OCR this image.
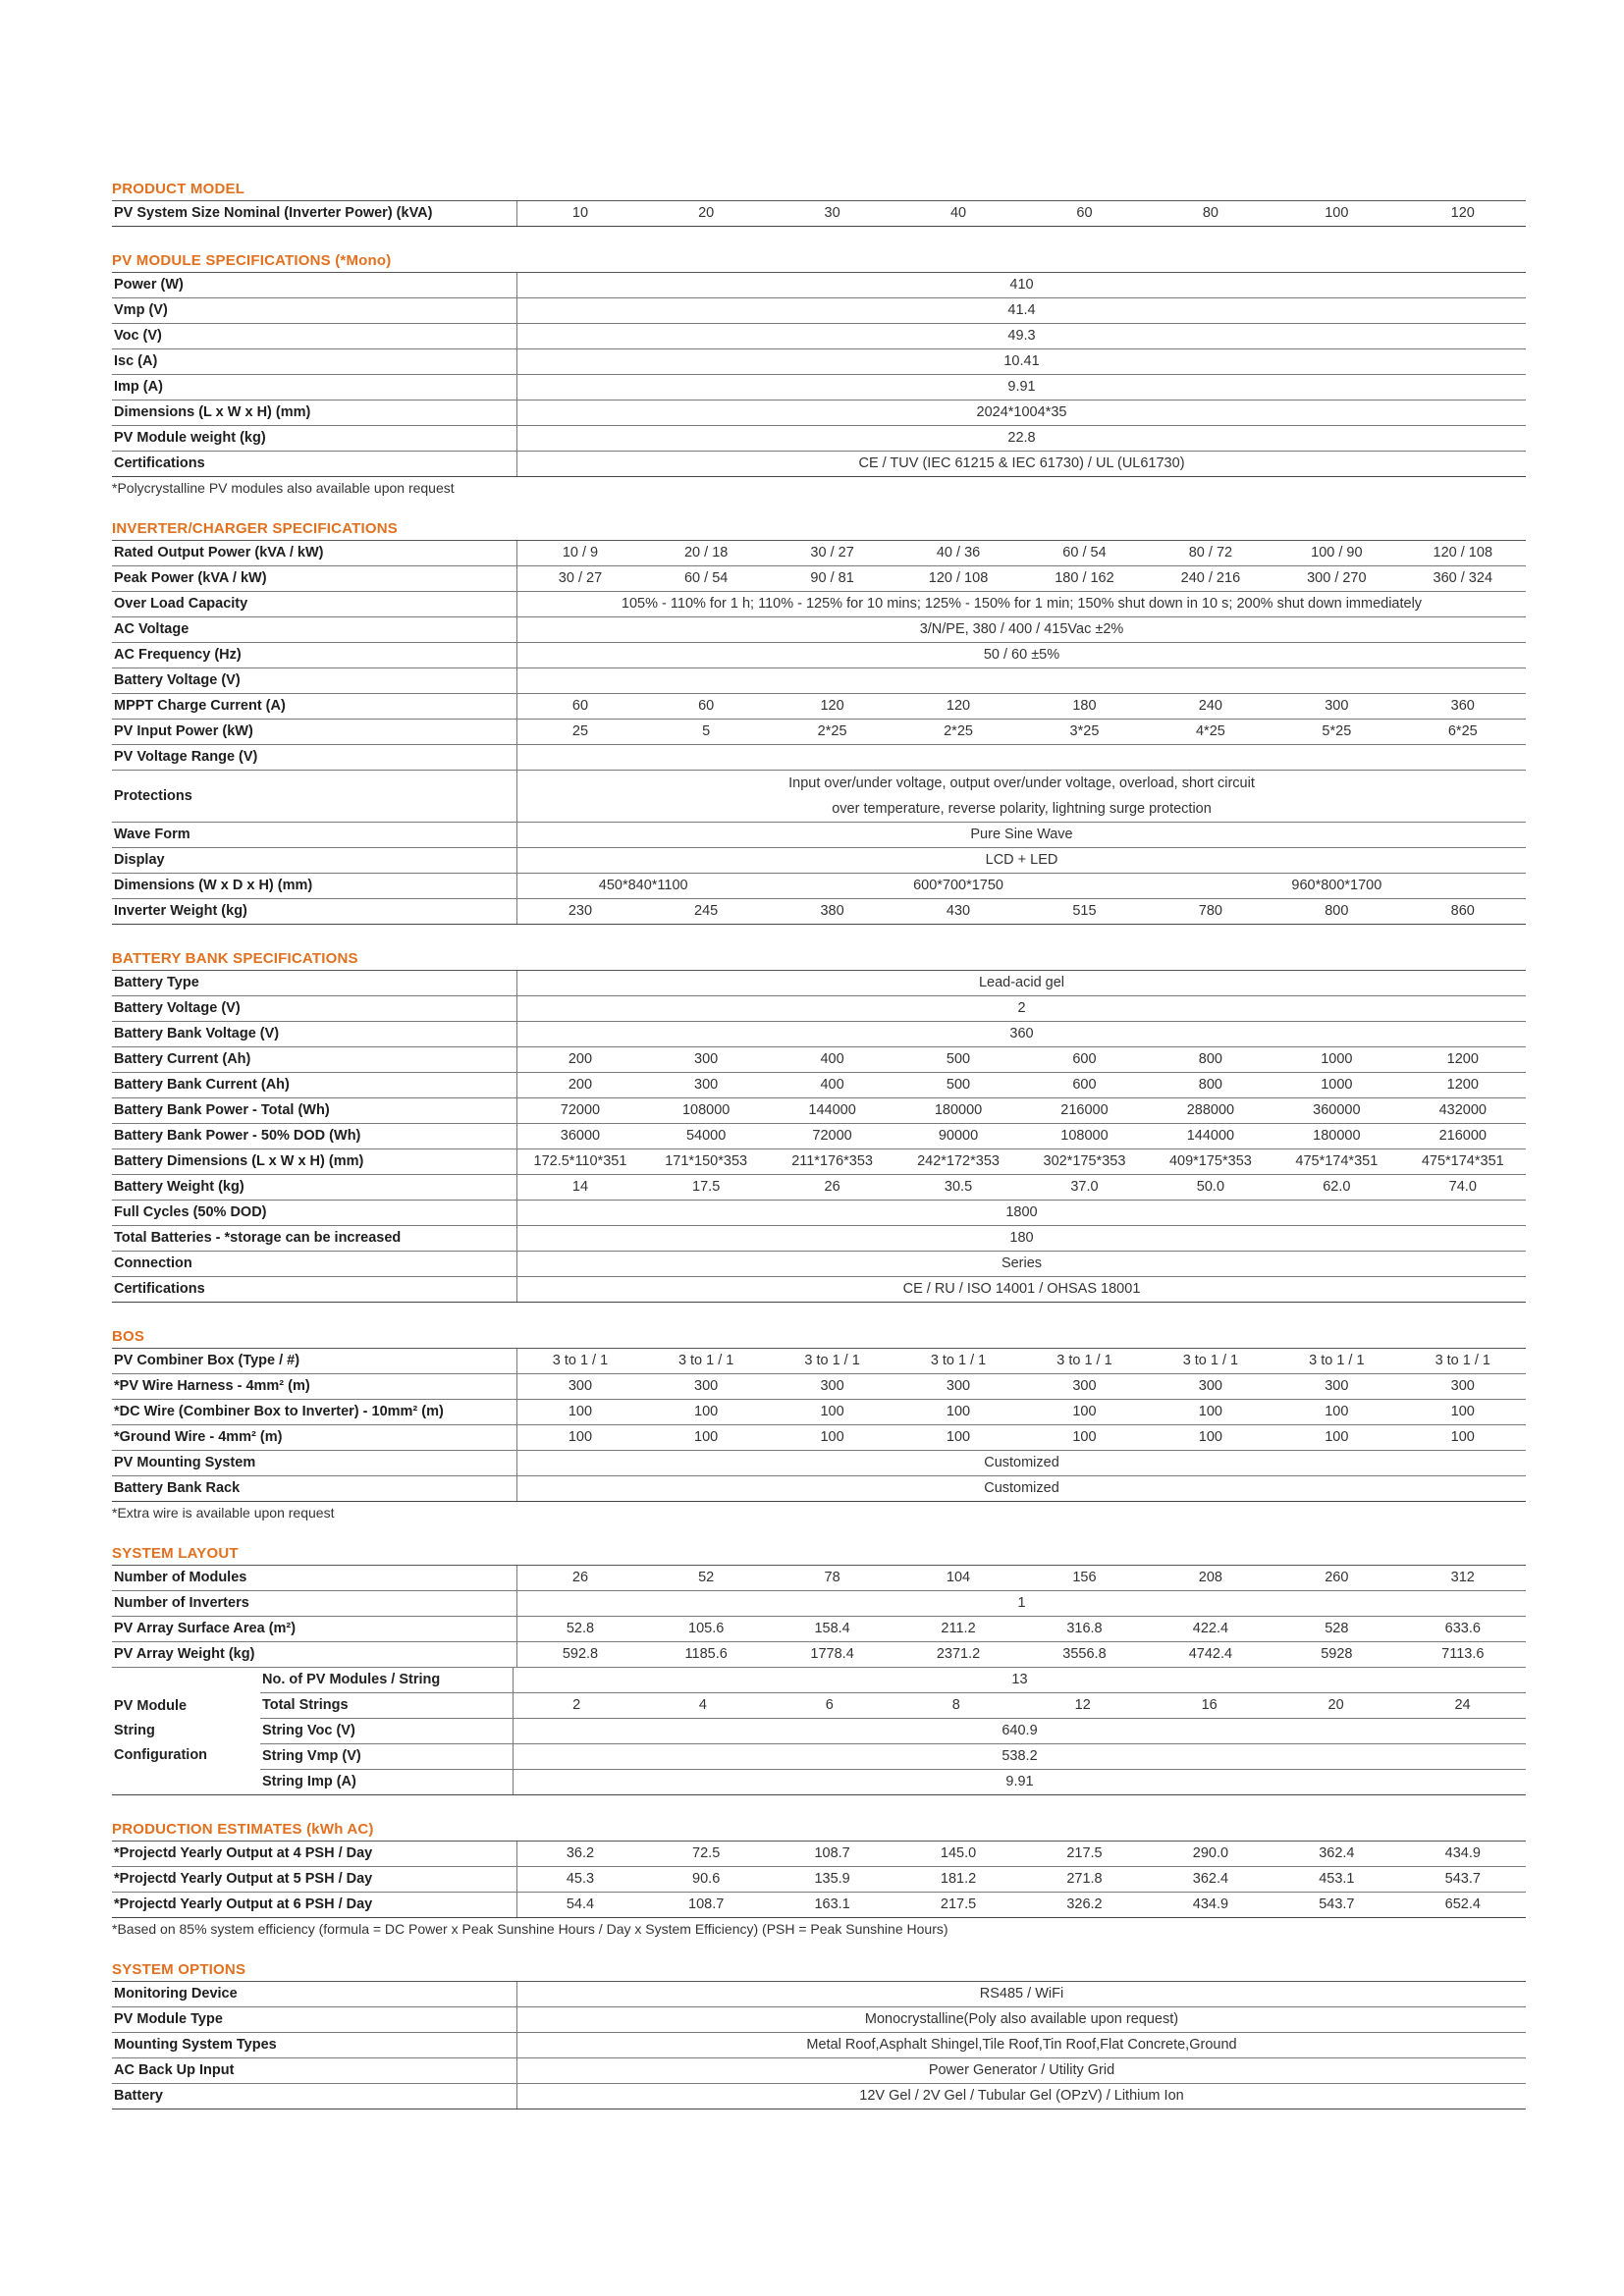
PRODUCT MODEL
PV System Size Nominal (Inverter Power) (kVA)	10	20	30	40	60	80	100	120
PV MODULE SPECIFICATIONS (*Mono)
Power (W)	410
Vmp (V)	41.4
Voc (V)	49.3
Isc (A)	10.41
Imp (A)	9.91
Dimensions (L x W x H) (mm)	2024*1004*35
PV Module weight (kg)	22.8
Certifications	CE / TUV (IEC 61215 & IEC 61730) / UL (UL61730)
*Polycrystalline PV modules also available upon request
INVERTER/CHARGER SPECIFICATIONS
Rated Output Power (kVA / kW)	10 / 9	20 / 18	30 / 27	40 / 36	60 / 54	80 / 72	100 / 90	120 / 108
Peak Power (kVA / kW)	30 / 27	60 / 54	90 / 81	120 / 108	180 / 162	240 / 216	300 / 270	360 / 324
Over Load Capacity	105% - 110% for 1 h; 110% - 125% for 10 mins; 125% - 150% for 1 min; 150% shut down in 10 s; 200% shut down immediately							
AC Voltage	3/N/PE, 380 / 400 / 415Vac ±2%							
AC Frequency (Hz)	50 / 60 ±5%							
Battery Voltage (V)								
MPPT Charge Current (A)	60	60	120	120	180	240	300	360
PV Input Power (kW)	25	5	2*25	2*25	3*25	4*25	5*25	6*25
PV Voltage Range (V)								
Protections	Input over/under voltage, output over/under voltage, overload, short circuit
over temperature, reverse polarity, lightning surge protection							

Wave Form	Pure Sine Wave							
Display	LCD + LED							
Dimensions (W x D x H) (mm)	450*840*1100		600*700*1750			960*800*1700		
Inverter Weight (kg)	230	245	380	430	515	780	800	860
BATTERY BANK SPECIFICATIONS
Battery Type	Lead-acid gel							
Battery Voltage (V)	2							
Battery Bank Voltage (V)	360							
Battery Current (Ah)	200	300	400	500	600	800	1000	1200
Battery Bank Current (Ah)	200	300	400	500	600	800	1000	1200
Battery Bank Power - Total (Wh)	72000	108000	144000	180000	216000	288000	360000	432000
Battery Bank Power - 50% DOD (Wh)	36000	54000	72000	90000	108000	144000	180000	216000
Battery Dimensions (L x W x H) (mm)	172.5*110*351	171*150*353	211*176*353	242*172*353	302*175*353	409*175*353	475*174*351	475*174*351
Battery Weight (kg)	14	17.5	26	30.5	37.0	50.0	62.0	74.0
Full Cycles (50% DOD)	1800							
Total Batteries - *storage can be increased	180							
Connection	Series							
Certifications	CE / RU / ISO 14001 / OHSAS 18001							
BOS
PV Combiner Box (Type / #)	3 to 1 / 1	3 to 1 / 1	3 to 1 / 1	3 to 1 / 1	3 to 1 / 1	3 to 1 / 1	3 to 1 / 1	3 to 1 / 1
*PV Wire Harness - 4mm² (m)	300	300	300	300	300	300	300	300
*DC Wire (Combiner Box to Inverter) - 10mm² (m)	100	100	100	100	100	100	100	100
*Ground Wire - 4mm² (m)	100	100	100	100	100	100	100	100
PV Mounting System	Customized							
Battery Bank Rack	Customized							
*Extra wire is available upon request
SYSTEM LAYOUT
Number of Modules	26	52	78	104	156	208	260	312
Number of Inverters	1							
PV Array Surface Area (m²)	52.8	105.6	158.4	211.2	316.8	422.4	528	633.6
PV Array Weight (kg)	592.8	1185.6	1778.4	2371.2	3556.8	4742.4	5928	7113.6
PV Module
String
Configuration	No. of PV Modules / String	13							
	Total Strings	2	4	6	8	12	16	20	24
	String Voc (V)	640.9							
	String Vmp (V)	538.2							
	String Imp (A)	9.91							
PRODUCTION ESTIMATES (kWh AC)
*Projectd Yearly Output at 4 PSH / Day	36.2	72.5	108.7	145.0	217.5	290.0	362.4	434.9
*Projectd Yearly Output at 5 PSH / Day	45.3	90.6	135.9	181.2	271.8	362.4	453.1	543.7
*Projectd Yearly Output at 6 PSH / Day	54.4	108.7	163.1	217.5	326.2	434.9	543.7	652.4
*Based on 85% system efficiency (formula = DC Power x Peak Sunshine Hours / Day x System Efficiency) (PSH = Peak Sunshine Hours)
SYSTEM OPTIONS
Monitoring Device	RS485 / WiFi
PV Module Type	Monocrystalline(Poly also available upon request)
Mounting System Types	Metal Roof,Asphalt Shingel,Tile Roof,Tin Roof,Flat Concrete,Ground
AC Back Up Input	Power Generator / Utility Grid
Battery	12V Gel / 2V Gel / Tubular Gel (OPzV) / Lithium Ion
